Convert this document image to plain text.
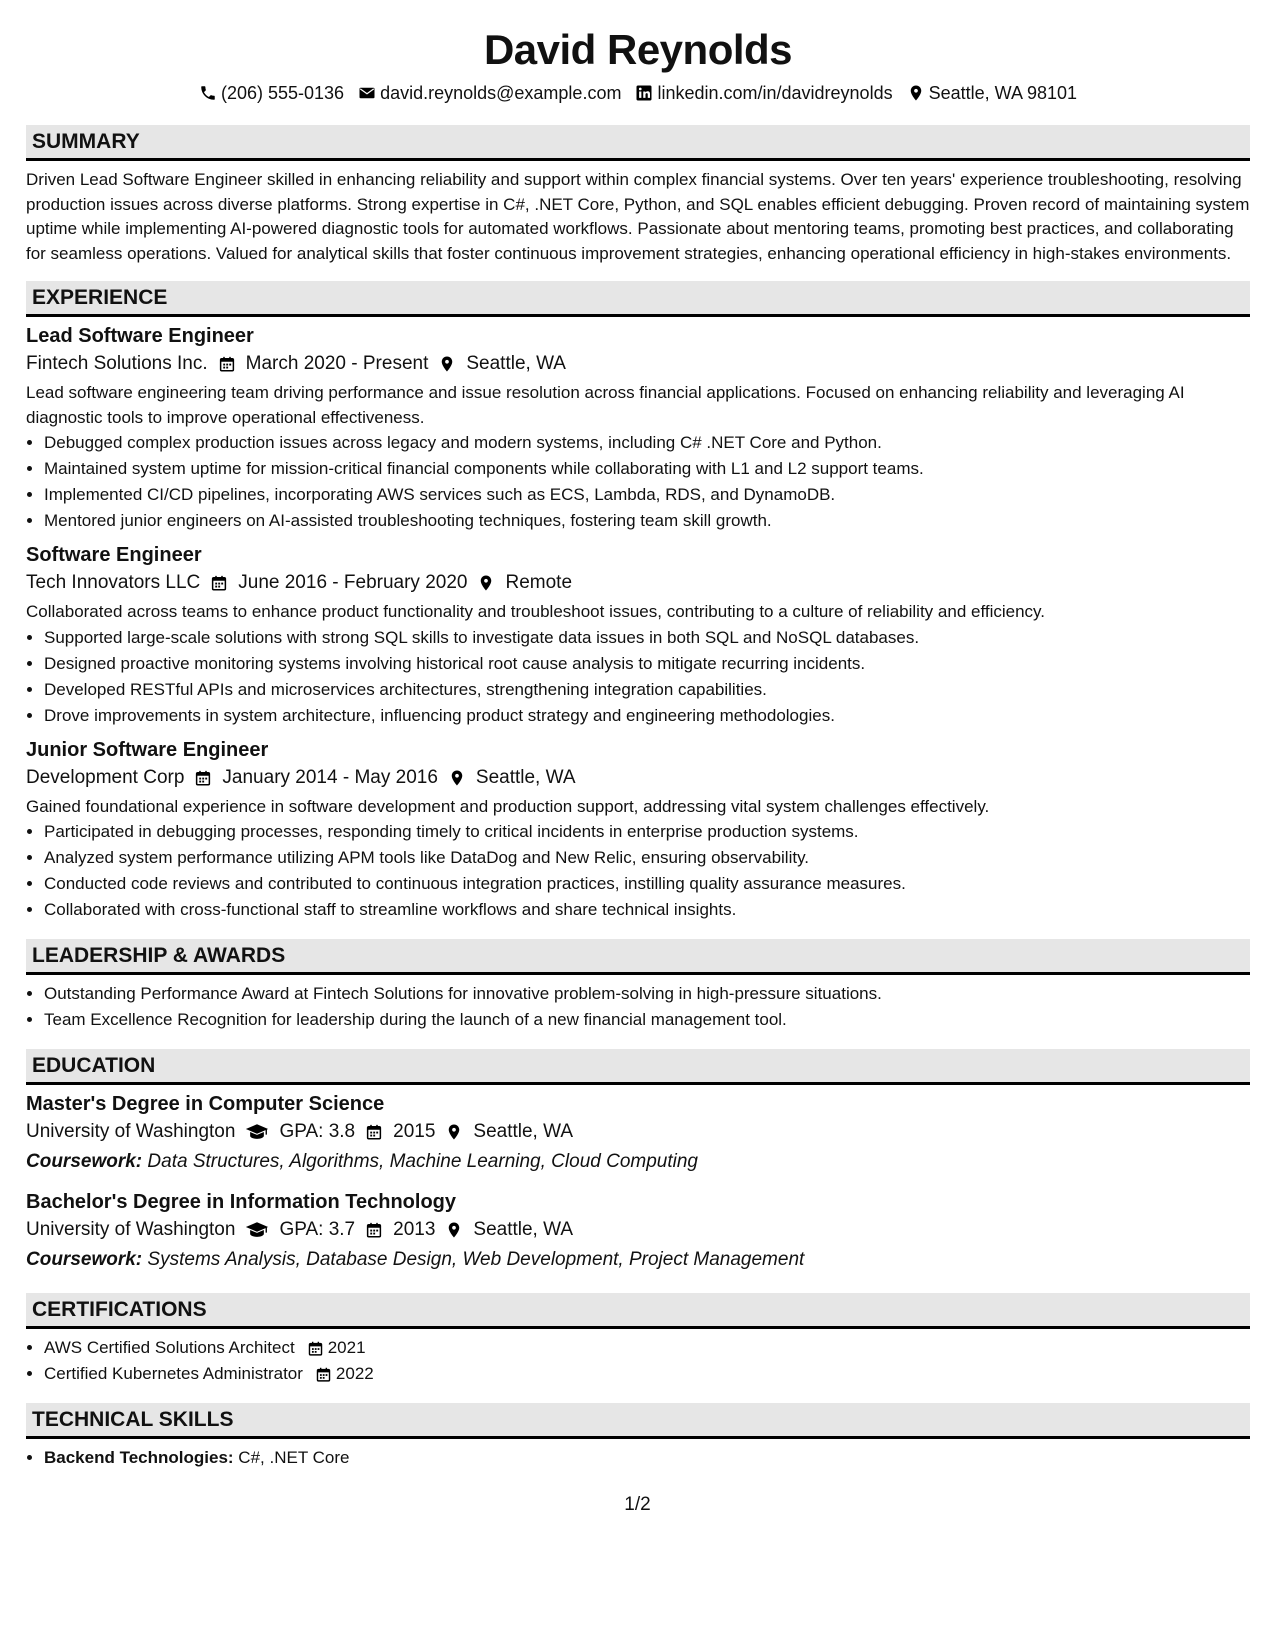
David Reynolds
(206) 555-0136 david.reynolds@example.com linkedin.com/in/davidreynolds Seattle, WA 98101
SUMMARY
Driven Lead Software Engineer skilled in enhancing reliability and support within complex financial systems. Over ten years' experience troubleshooting, resolving production issues across diverse platforms. Strong expertise in C#, .NET Core, Python, and SQL enables efficient debugging. Proven record of maintaining system uptime while implementing AI-powered diagnostic tools for automated workflows. Passionate about mentoring teams, promoting best practices, and collaborating for seamless operations. Valued for analytical skills that foster continuous improvement strategies, enhancing operational efficiency in high-stakes environments.
EXPERIENCE
Lead Software Engineer
Fintech Solutions Inc. March 2020 - Present Seattle, WA
Lead software engineering team driving performance and issue resolution across financial applications. Focused on enhancing reliability and leveraging AI diagnostic tools to improve operational effectiveness.
• Debugged complex production issues across legacy and modern systems, including C# .NET Core and Python.
• Maintained system uptime for mission-critical financial components while collaborating with L1 and L2 support teams.
• Implemented CI/CD pipelines, incorporating AWS services such as ECS, Lambda, RDS, and DynamoDB.
• Mentored junior engineers on AI-assisted troubleshooting techniques, fostering team skill growth.
Software Engineer
Tech Innovators LLC June 2016 - February 2020 Remote
Collaborated across teams to enhance product functionality and troubleshoot issues, contributing to a culture of reliability and efficiency.
• Supported large-scale solutions with strong SQL skills to investigate data issues in both SQL and NoSQL databases.
• Designed proactive monitoring systems involving historical root cause analysis to mitigate recurring incidents.
• Developed RESTful APIs and microservices architectures, strengthening integration capabilities.
• Drove improvements in system architecture, influencing product strategy and engineering methodologies.
Junior Software Engineer
Development Corp January 2014 - May 2016 Seattle, WA
Gained foundational experience in software development and production support, addressing vital system challenges effectively.
• Participated in debugging processes, responding timely to critical incidents in enterprise production systems.
• Analyzed system performance utilizing APM tools like DataDog and New Relic, ensuring observability.
• Conducted code reviews and contributed to continuous integration practices, instilling quality assurance measures.
• Collaborated with cross-functional staff to streamline workflows and share technical insights.
LEADERSHIP & AWARDS
• Outstanding Performance Award at Fintech Solutions for innovative problem-solving in high-pressure situations.
• Team Excellence Recognition for leadership during the launch of a new financial management tool.
EDUCATION
Master's Degree in Computer Science
University of Washington GPA: 3.8 2015 Seattle, WA
Coursework: Data Structures, Algorithms, Machine Learning, Cloud Computing
Bachelor's Degree in Information Technology
University of Washington GPA: 3.7 2013 Seattle, WA
Coursework: Systems Analysis, Database Design, Web Development, Project Management
CERTIFICATIONS
• AWS Certified Solutions Architect 2021
• Certified Kubernetes Administrator 2022
TECHNICAL SKILLS
• Backend Technologies: C#, .NET Core
1/2
